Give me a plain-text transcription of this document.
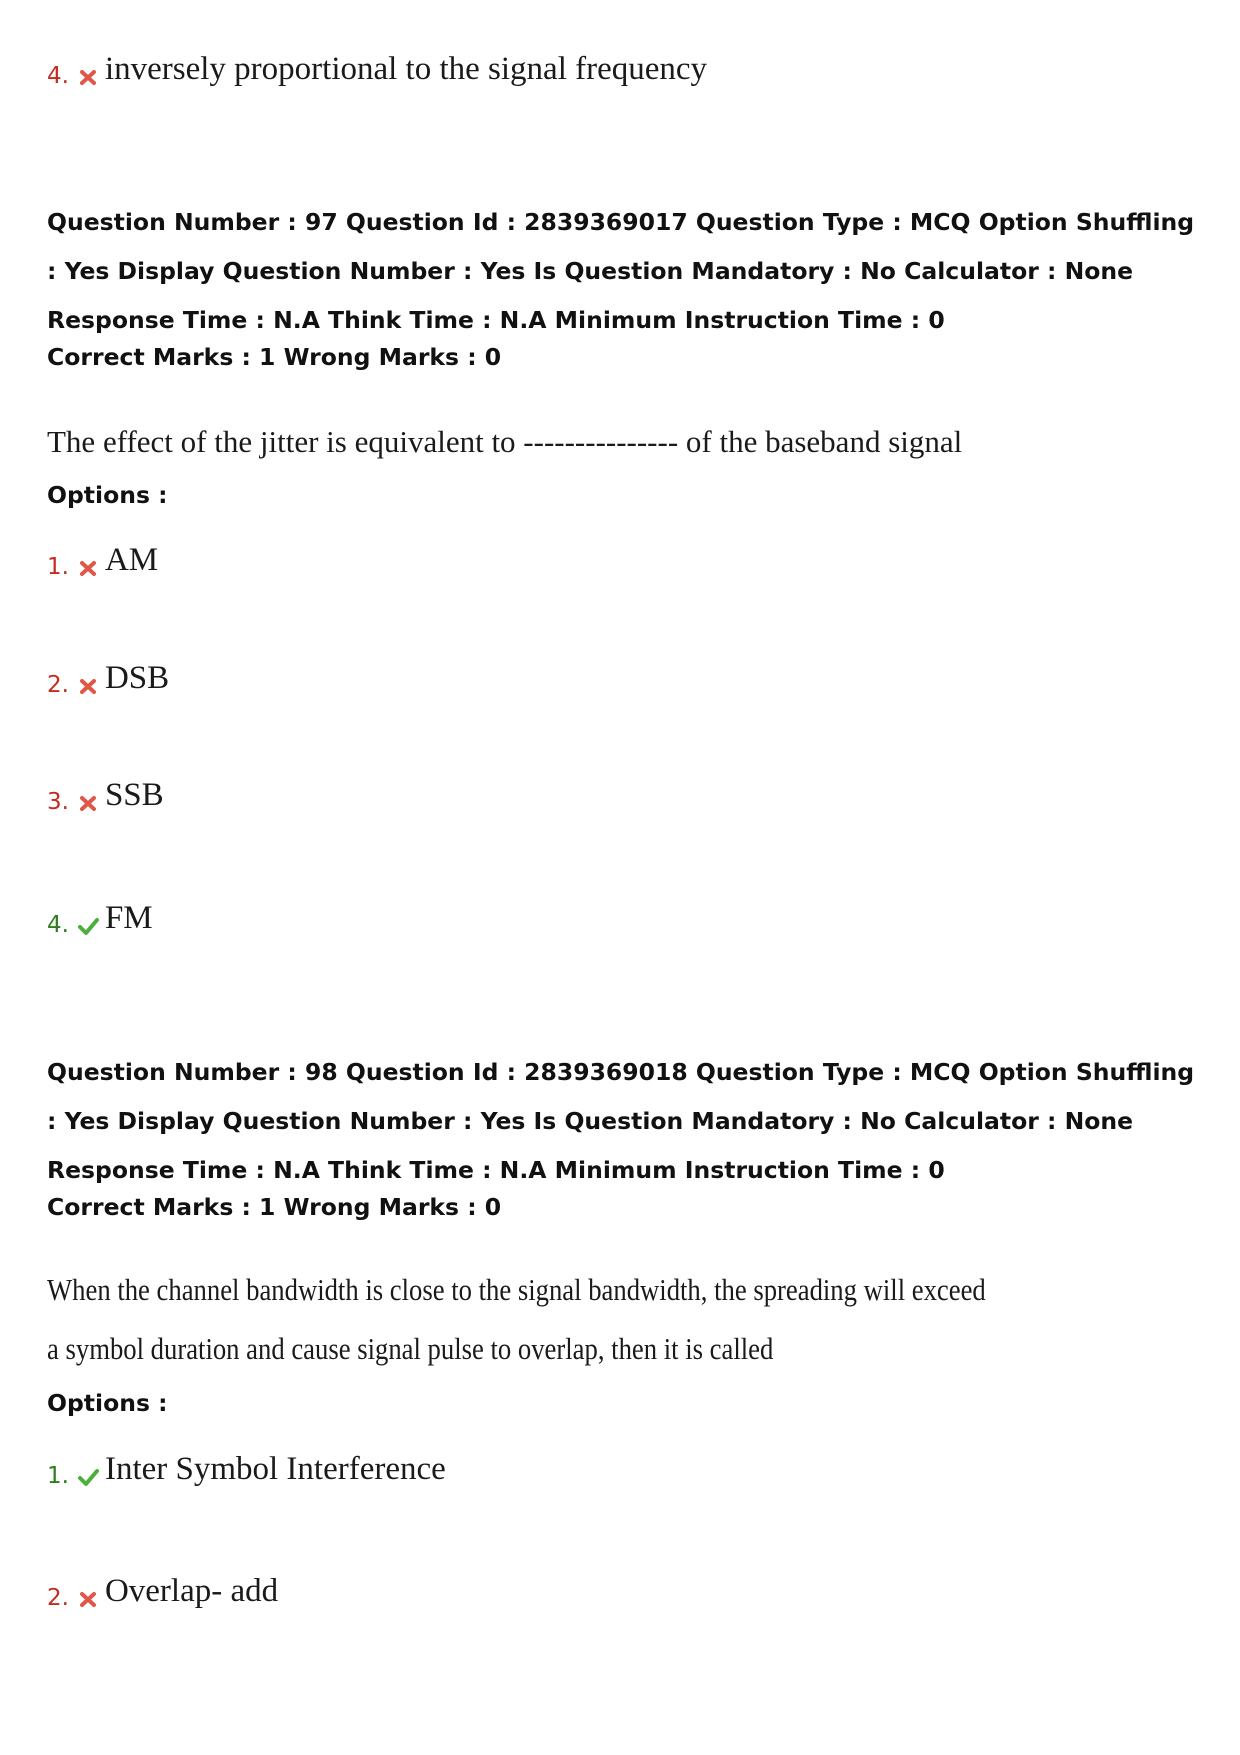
4. inversely proportional to the signal frequency
Question Number : 97 Question Id : 2839369017 Question Type : MCQ Option Shuffling : Yes Display Question Number : Yes Is Question Mandatory : No Calculator : None Response Time : N.A Think Time : N.A Minimum Instruction Time : 0
Correct Marks : 1 Wrong Marks : 0
The effect of the jitter is equivalent to --------------- of the baseband signal
Options :
1. AM
2. DSB
3. SSB
4. FM
Question Number : 98 Question Id : 2839369018 Question Type : MCQ Option Shuffling : Yes Display Question Number : Yes Is Question Mandatory : No Calculator : None Response Time : N.A Think Time : N.A Minimum Instruction Time : 0
Correct Marks : 1 Wrong Marks : 0
When the channel bandwidth is close to the signal bandwidth, the spreading will exceed
a symbol duration and cause signal pulse to overlap, then it is called
Options :
1. Inter Symbol Interference
2. Overlap- add
